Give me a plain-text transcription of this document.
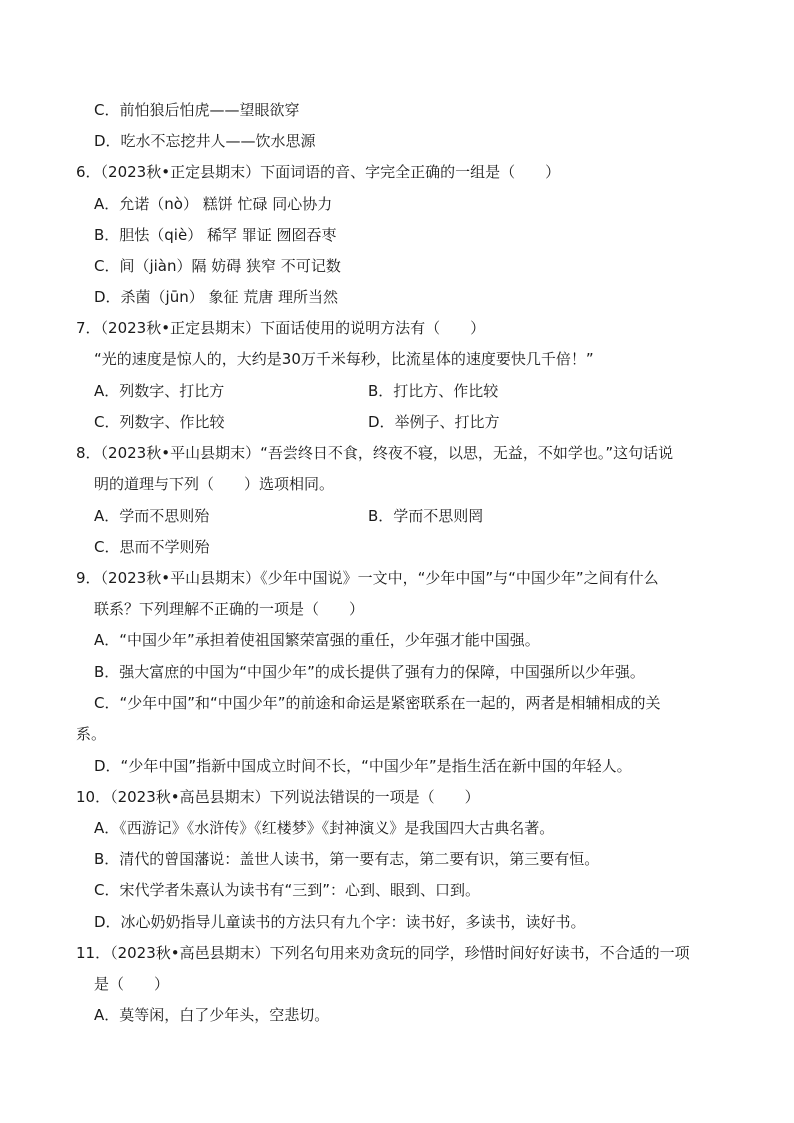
C．前怕狼后怕虎——望眼欲穿
D．吃水不忘挖井人——饮水思源
6．（2023秋•正定县期末）下面词语的音、字完全正确的一组是（　　）
A．允诺（nò） 糕饼 忙碌 同心协力
B．胆怯（qiè） 稀罕 罪证 囫囵吞枣
C．间（jiàn）隔 妨碍 狭窄 不可记数
D．杀菌（jūn） 象征 荒唐 理所当然
7．（2023秋•正定县期末）下面话使用的说明方法有（　　）
“光的速度是惊人的，大约是30万千米每秒，比流星体的速度要快几千倍！”
A．列数字、打比方	B．打比方、作比较
C．列数字、作比较	D．举例子、打比方
8．（2023秋•平山县期末）“吾尝终日不食，终夜不寝，以思，无益，不如学也。”这句话说
明的道理与下列（　　）选项相同。
A．学而不思则殆	B．学而不思则罔
C．思而不学则殆
9．（2023秋•平山县期末）《少年中国说》一文中，“少年中国”与“中国少年”之间有什么
联系？下列理解不正确的一项是（　　）
A．“中国少年”承担着使祖国繁荣富强的重任，少年强才能中国强。
B．强大富庶的中国为“中国少年”的成长提供了强有力的保障，中国强所以少年强。
C．“少年中国”和“中国少年”的前途和命运是紧密联系在一起的，两者是相辅相成的关
系。
D．“少年中国”指新中国成立时间不长，“中国少年”是指生活在新中国的年轻人。
10．（2023秋•高邑县期末）下列说法错误的一项是（　　）
A．《西游记》《水浒传》《红楼梦》《封神演义》是我国四大古典名著。
B．清代的曾国藩说：盖世人读书，第一要有志，第二要有识，第三要有恒。
C．宋代学者朱熹认为读书有“三到”：心到、眼到、口到。
D．冰心奶奶指导儿童读书的方法只有九个字：读书好，多读书，读好书。
11．（2023秋•高邑县期末）下列名句用来劝贪玩的同学，珍惜时间好好读书，不合适的一项
是（　　）
A．莫等闲，白了少年头，空悲切。
